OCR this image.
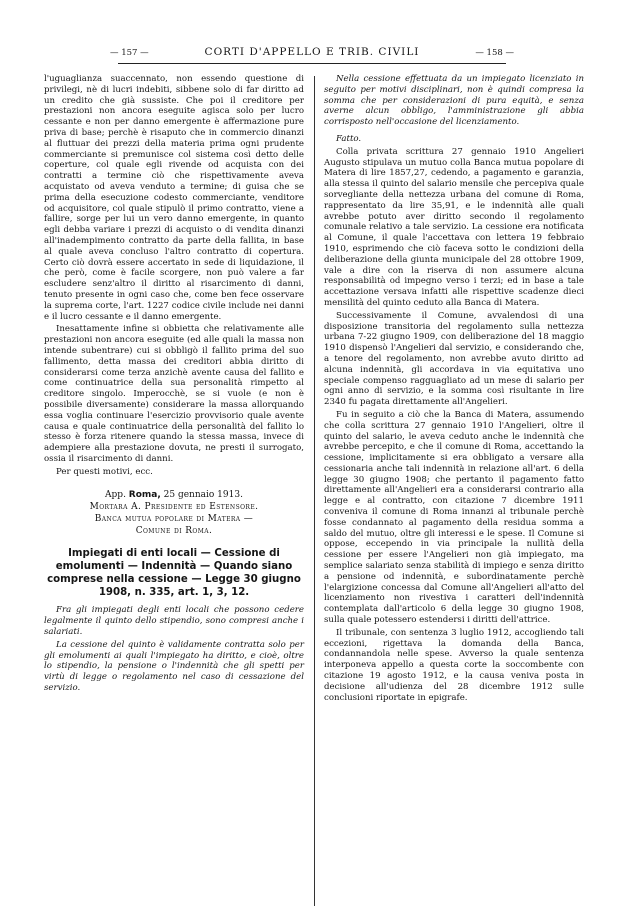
— 157 —	CORTI D'APPELLO E TRIB. CIVILI	— 158 —

l'uguaglianza suaccennato, non essendo questione di privilegi, nè di lucri indebiti, sibbene solo di far diritto ad un credito che già sussiste. Che poi il creditore per prestazioni non ancora eseguite agisca solo per lucro cessante e non per danno emergente è affermazione pure priva di base; perchè è risaputo che in commercio dinanzi al fluttuar dei prezzi della materia prima ogni prudente commerciante si premunisce col sistema così detto delle coperture, col quale egli rivende od acquista con dei contratti a termine ciò che rispettivamente aveva acquistato od aveva venduto a termine; di guisa che se prima della esecuzione codesto commerciante, venditore od acquisitore, col quale stipulò il primo contratto, viene a fallire, sorge per lui un vero danno emergente, in quanto egli debba variare i prezzi di acquisto o di vendita dinanzi all'inadempimento contratto da parte della fallita, in base al quale aveva concluso l'altro contratto di copertura. Certo ciò dovrà essere accertato in sede di liquidazione, il che però, come è facile scorgere, non può valere a far escludere senz'altro il diritto al risarcimento di danni, tenuto presente in ogni caso che, come ben fece osservare la suprema corte, l'art. 1227 codice civile include nei danni e il lucro cessante e il danno emergente.

Inesattamente infine si obbietta che relativamente alle prestazioni non ancora eseguite (ed alle quali la massa non intende subentrare) cui si obbligò il fallito prima del suo fallimento, detta massa dei creditori abbia diritto di considerarsi come terza anzichè avente causa del fallito e come continuatrice della sua personalità rimpetto al creditore singolo. Imperocchè, se si vuole (e non è possibile diversamente) considerare la massa allorquando essa voglia continuare l'esercizio provvisorio quale avente causa e quale continuatrice della personalità del fallito lo stesso è forza ritenere quando la stessa massa, invece di adempiere alla prestazione dovuta, ne presti il surrogato, ossia il risarcimento di danni.

Per questi motivi, ecc.

App. Roma, 25 gennaio 1913.
Mortara A. Presidente ed Estensore.
Banca mutua popolare di Matera —
Comune di Roma.
Impiegati di enti locali — Cessione di emolumenti — Indennità — Quando siano comprese nella cessione — Legge 30 giugno 1908, n. 335, art. 1, 3, 12.

Fra gli impiegati degli enti locali che possono cedere legalmente il quinto dello stipendio, sono compresi anche i salariati.

La cessione del quinto è validamente contratta solo per gli emolumenti ai quali l'impiegato ha diritto, e cioè, oltre lo stipendio, la pensione o l'indennità che gli spetti per virtù di legge o regolamento nel caso di cessazione del servizio.

Nella cessione effettuata da un impiegato licenziato in seguito per motivi disciplinari, non è quindi compresa la somma che per considerazioni di pura equità, e senza averne alcun obbligo, l'amministrazione gli abbia corrisposto nell'occasione del licenziamento.

Fatto.

Colla privata scrittura 27 gennaio 1910 Angelieri Augusto stipulava un mutuo colla Banca mutua popolare di Matera di lire 1857,27, cedendo, a pagamento e garanzia, alla stessa il quinto del salario mensile che percepiva quale sorvegliante della nettezza urbana del comune di Roma, rappresentato da lire 35,91, e le indennità alle quali avrebbe potuto aver diritto secondo il regolamento comunale relativo a tale servizio. La cessione era notificata al Comune, il quale l'accettava con lettera 19 febbraio 1910, esprimendo che ciò faceva sotto le condizioni della deliberazione della giunta municipale del 28 ottobre 1909, vale a dire con la riserva di non assumere alcuna responsabilità od impegno verso i terzi; ed in base a tale accettazione versava infatti alle rispettive scadenze dieci mensilità del quinto ceduto alla Banca di Matera.

Successivamente il Comune, avvalendosi di una disposizione transitoria del regolamento sulla nettezza urbana 7-22 giugno 1909, con deliberazione del 18 maggio 1910 dispensò l'Angelieri dal servizio, e considerando che, a tenore del regolamento, non avrebbe avuto diritto ad alcuna indennità, gli accordava in via equitativa uno speciale compenso ragguagliato ad un mese di salario per ogni anno di servizio, e la somma così risultante in lire 2340 fu pagata direttamente all'Angelieri.

Fu in seguito a ciò che la Banca di Matera, assumendo che colla scrittura 27 gennaio 1910 l'Angelieri, oltre il quinto del salario, le aveva ceduto anche le indennità che avrebbe percepito, e che il comune di Roma, accettando la cessione, implicitamente si era obbligato a versare alla cessionaria anche tali indennità in relazione all'art. 6 della legge 30 giugno 1908; che pertanto il pagamento fatto direttamente all'Angelieri era a considerarsi contrario alla legge e al contratto, con citazione 7 dicembre 1911 conveniva il comune di Roma innanzi al tribunale perchè fosse condannato al pagamento della residua somma a saldo del mutuo, oltre gli interessi e le spese. Il Comune si oppose, eccependo in via principale la nullità della cessione per essere l'Angelieri non già impiegato, ma semplice salariato senza stabilità di impiego e senza diritto a pensione od indennità, e subordinatamente perchè l'elargizione concessa dal Comune all'Angelieri all'atto del licenziamento non rivestiva i caratteri dell'indennità contemplata dall'articolo 6 della legge 30 giugno 1908, sulla quale potessero estendersi i diritti dell'attrice.

Il tribunale, con sentenza 3 luglio 1912, accogliendo tali eccezioni, rigettava la domanda della Banca, condannandola nelle spese. Avverso la quale sentenza interponeva appello a questa corte la soccombente con citazione 19 agosto 1912, e la causa veniva posta in decisione all'udienza del 28 dicembre 1912 sulle conclusioni riportate in epigrafe.
